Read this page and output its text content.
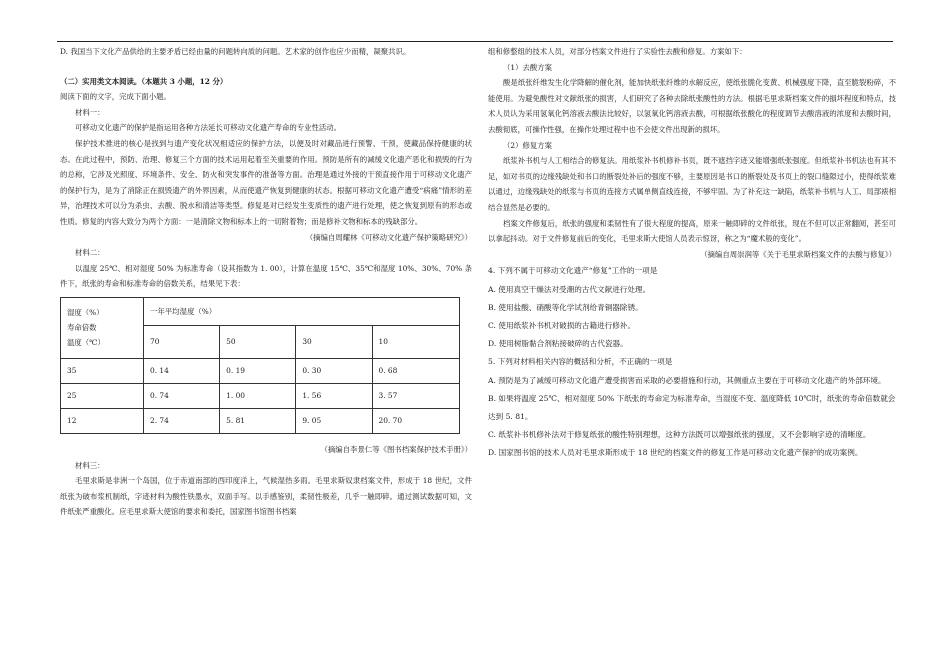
D. 我国当下文化产品供给的主要矛盾已经由量的问题转向质的问题。艺术家的创作也应少而精，凝聚共识。

（二）实用类文本阅读。（本题共 3 小题，12 分）

阅读下面的文字，完成下面小题。

材料一：

可移动文化遗产的保护是指运用各种方法延长可移动文化遗产寿命的专业性活动。

保护技术推进的核心是找到与遗产变化状况相适应的保护方法，以便及时对藏品进行预警、干预，使藏品保持健康的状态。在此过程中，预防、治理、修复三个方面的技术运用起着至关重要的作用。预防是所有的减缓文化遗产恶化和损毁的行为的总称，它涉及光照度、环境条件、安全、防火和突发事件的准备等方面。治理是通过外接的干预直接作用于可移动文化遗产的保护行为，是为了消除正在损毁遗产的外界因素，从而使遗产恢复到健康的状态。根据可移动文化遗产遭受“病痛”情形的差异，治理技术可以分为杀虫、去酸、脱水和清洁等类型。修复是对已经发生变质性的遗产进行处理，使之恢复到原有的形态或性质。修复的内容大致分为两个方面：一是清除文物和标本上的一切附着物；而是修补文物和标本的残缺部分。

（摘编自周耀林《可移动文化遗产保护策略研究》）

材料二：

以温度 25℃、相对湿度 50% 为标准寿命（设其指数为 1. 00），计算在温度 15℃、35℃和湿度 10%、30%、70% 条件下，纸张的寿命和标准寿命的倍数关系，结果见下表：

湿度（%）
寿命倍数
温度（℃）	一年平均湿度（%）			
	70	50	30	10
35	0. 14	0. 19	0. 30	0. 68
25	0. 74	1. 00	1. 56	3. 57
12	2. 74	5. 81	9. 05	20. 70

（摘编自李景仁等《图书档案保护技术手册》）

材料三：

毛里求斯是非洲一个岛国，位于赤道南部的西印度洋上，气候湿热多雨。毛里求斯奴隶档案文件，形成于 18 世纪，文件纸张为破布浆机制纸，字迹材料为酸性铁墨水，双面手写。以手感鉴别，柔韧性极差，几乎一触即碎。通过测试数据可知，文件纸张严重酸化。应毛里求斯大使馆的要求和委托，国家图书馆图书档案

组和修整组的技术人员，对部分档案文件进行了实验性去酸和修复。方案如下：

（1）去酸方案

酸是纸张纤维发生化学降解的催化剂，能加快纸张纤维的水解反应，使纸张脆化变黄、机械强度下降，直至脆裂粉碎，不能使用。为避免酸性对文献纸张的损害，人们研究了各种去除纸张酸性的方法。根据毛里求斯档案文件的損坏程度和特点，技术人员认为采用氢氧化钙溶液去酸法比较好，以氢氧化钙溶液去酸，可根据纸张酸化的程度调节去酸溶液的浓度和去酸时间，去酸彻底，可操作性强，在操作处理过程中也不会使文件出现新的损坏。

（2）修复方案

纸浆补书机与人工相结合的修复法。用纸浆补书机修补书页，既不遮挡字迹又能增强纸张强度。但纸浆补书机法也有其不足，如对书页的边缘残缺处和书口的断裂处补后的强度不够，主要原因是书口的断裂处及书页上的裂口缝隙过小，使得纸浆难以通过，边缘残缺处的纸浆与书页的连接方式属单侧直线连接，不够牢固。为了补充这一缺陷，纸浆补书机与人工、局部裱相结合显然是必要的。

档案文件修复后，纸张的强度和柔韧性有了很大程度的提高，原来一触即碎的文件纸张，现在不但可以正常翻阅，甚至可以拿起抖动。对于文件修复前后的变化，毛里求斯大使馆人员表示惊讶，称之为“魔术般的变化”。

（摘编自周崇润等《关于毛里求斯档案文件的去酸与修复》）

4. 下列不属于可移动文化遗产“修复”工作的一项是

A. 使用真空干燥法对受潮的古代文献进行处理。

B. 使用盐酸、硝酸等化学试剂给青铜器除锈。

C. 使用纸浆补书机对破损的古籍进行修补。

D. 使用树脂黏合剂粘接破碎的古代瓷器。

5. 下列对材料相关内容的概括和分析，不正确的一项是

A. 预防是为了减缓可移动文化遗产遭受损害而采取的必要措施和行动，其侧重点主要在于可移动文化遗产的外部环境。

B. 如果将温度 25℃、相对湿度 50% 下纸张的寿命定为标准寿命，当湿度不变、温度降低 10℃时，纸张的寿命倍数就会达到 5. 81。

C. 纸浆补书机修补法对于修复纸张的酸性特别理想，这种方法既可以增强纸张的强度，又不会影响字迹的清晰度。

D. 国家图书馆的技术人员对毛里求斯形成于 18 世纪的档案文件的修复工作是可移动文化遗产保护的成功案例。
